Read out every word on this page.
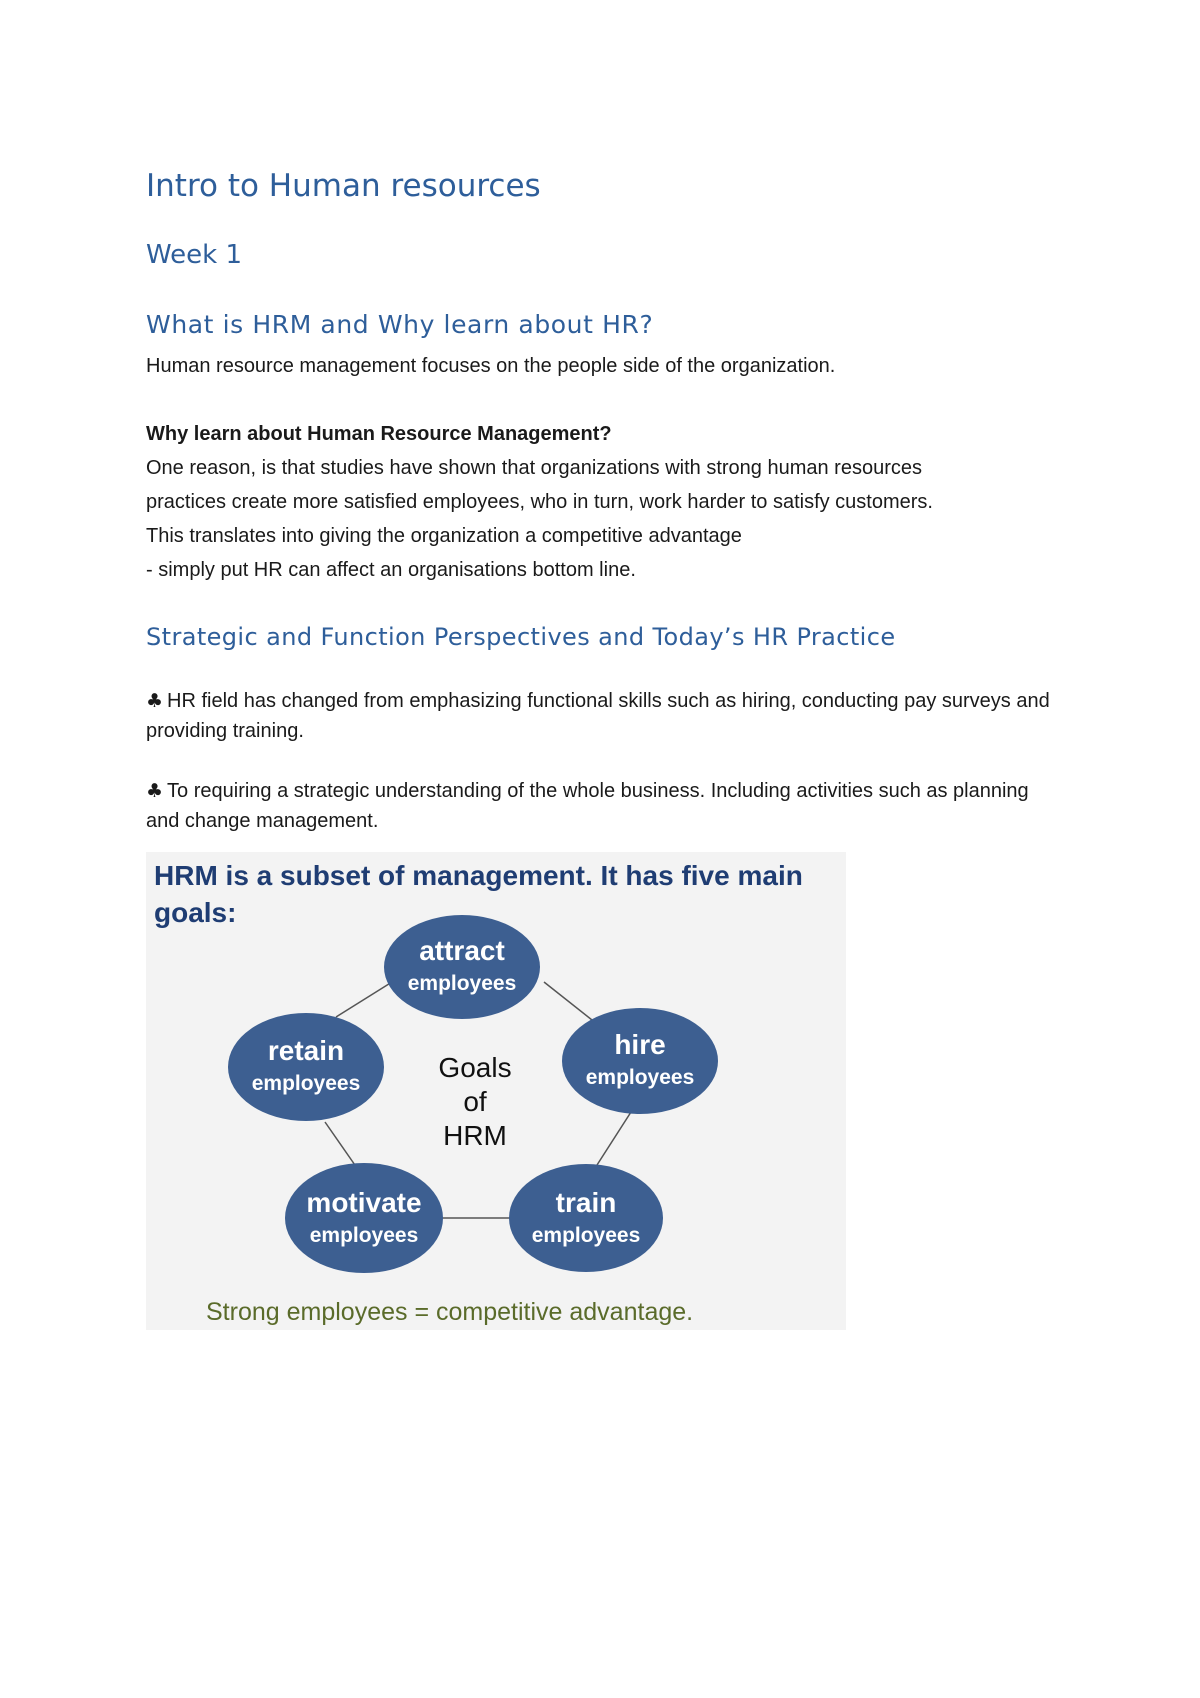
Intro to Human resources
Week 1
What is HRM and Why learn about HR?

Human resource management focuses on the people side of the organization.

Why learn about Human Resource Management?

One reason, is that studies have shown that organizations with strong human resources

practices create more satisfied employees, who in turn, work harder to satisfy customers.

This translates into giving the organization a competitive advantage

- simply put HR can affect an organisations bottom line.

Strategic and Function Perspectives and Today’s HR Practice

♣ HR field has changed from emphasizing functional skills such as hiring, conducting pay surveys and providing training.

♣ To requiring a strategic understanding of the whole business. Including activities such as planning and change management.

HRM is a subset of management. It has five main
goals:
attract
employees
hire
employees
train
employees
motivate
employees
retain
employees
Goals
of
HRM
Strong employees = competitive advantage.
